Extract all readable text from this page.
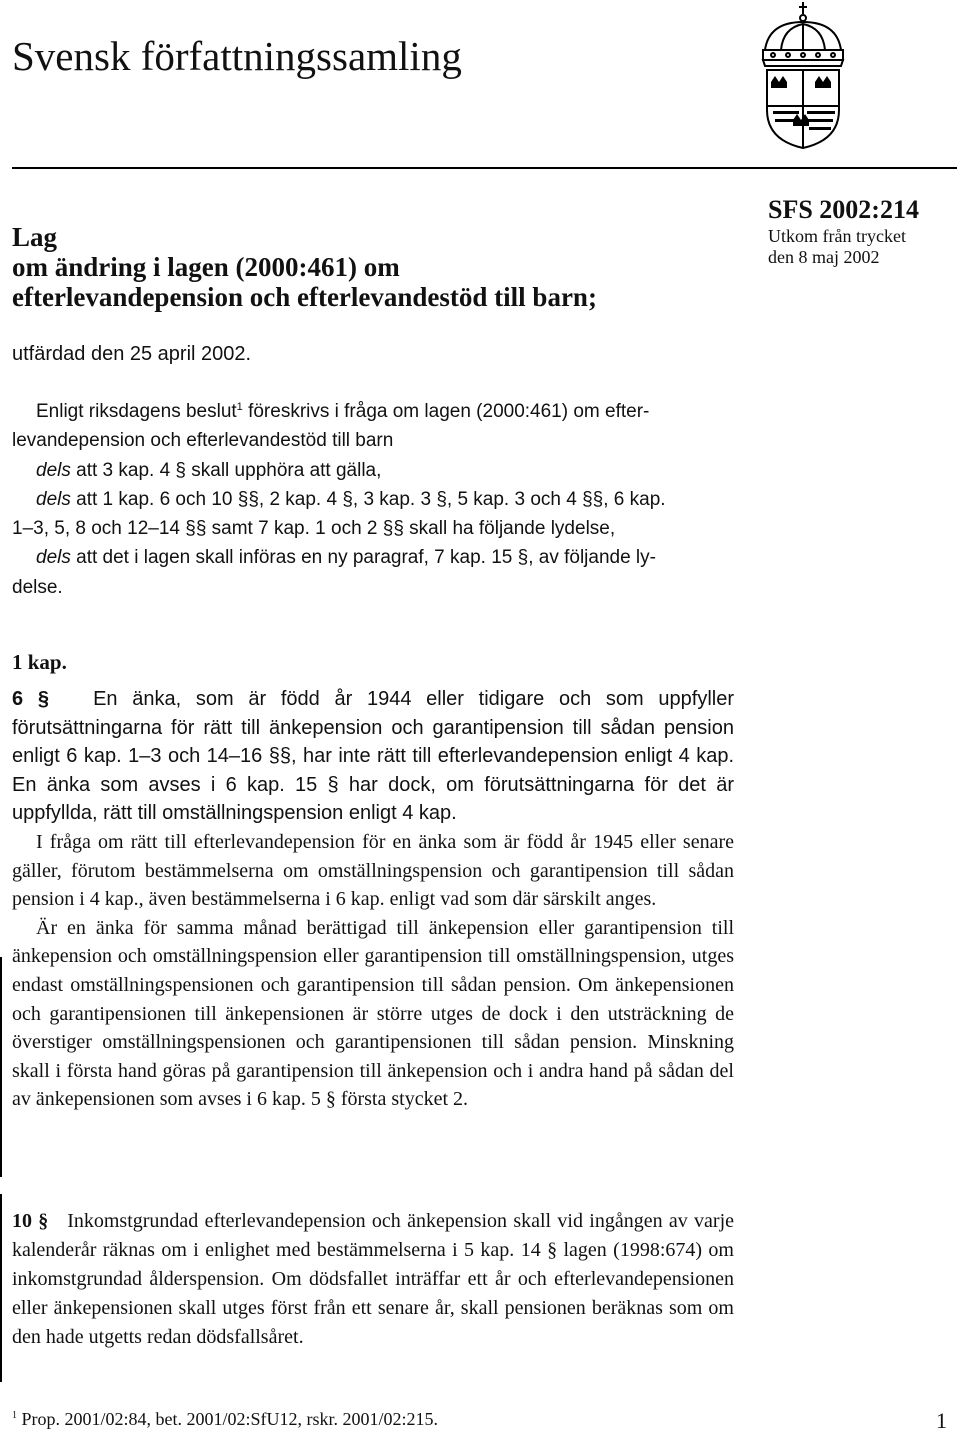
Svensk författningssamling
Lag
om ändring i lagen (2000:461) om
efterlevandepension och efterlevandestöd till barn;
SFS 2002:214
Utkom från trycket
den 8 maj 2002
utfärdad den 25 april 2002.
Enligt riksdagens beslut$^1$ föreskrivs i fråga om lagen (2000:461) om efter-
levandepension och efterlevandestöd till barn
dels att 3 kap. 4 § skall upphöra att gälla,
dels att 1 kap. 6 och 10 §§, 2 kap. 4 §, 3 kap. 3 §, 5 kap. 3 och 4 §§, 6 kap.
1–3, 5, 8 och 12–14 §§ samt 7 kap. 1 och 2 §§ skall ha följande lydelse,
dels att det i lagen skall införas en ny paragraf, 7 kap. 15 §, av följande ly-
delse.
1 kap.

6 § En änka, som är född år 1944 eller tidigare och som uppfyller förutsättningarna för rätt till änkepension och garantipension till sådan pension enligt 6 kap. 1–3 och 14–16 §§, har inte rätt till efterlevandepension enligt 4 kap. En änka som avses i 6 kap. 15 § har dock, om förutsättningarna för det är uppfyllda, rätt till omställningspension enligt 4 kap.

I fråga om rätt till efterlevandepension för en änka som är född år 1945 eller senare gäller, förutom bestämmelserna om omställningspension och garantipension till sådan pension i 4 kap., även bestämmelserna i 6 kap. enligt vad som där särskilt anges.

Är en änka för samma månad berättigad till änkepension eller garantipension till änkepension och omställningspension eller garantipension till omställningspension, utges endast omställningspensionen och garantipension till sådan pension. Om änkepensionen och garantipensionen till änkepensionen är större utges de dock i den utsträckning de överstiger omställningspensionen och garantipensionen till sådan pension. Minskning skall i första hand göras på garantipension till änkepension och i andra hand på sådan del av änkepensionen som avses i 6 kap. 5 § första stycket 2.

10 § Inkomstgrundad efterlevandepension och änkepension skall vid ingången av varje kalenderår räknas om i enlighet med bestämmelserna i 5 kap. 14 § lagen (1998:674) om inkomstgrundad ålderspension. Om dödsfallet inträffar ett år och efterlevandepensionen eller änkepensionen skall utges först från ett senare år, skall pensionen beräknas som om den hade utgetts redan dödsfallsåret.

$^1$ Prop. 2001/02:84, bet. 2001/02:SfU12, rskr. 2001/02:215.	1
